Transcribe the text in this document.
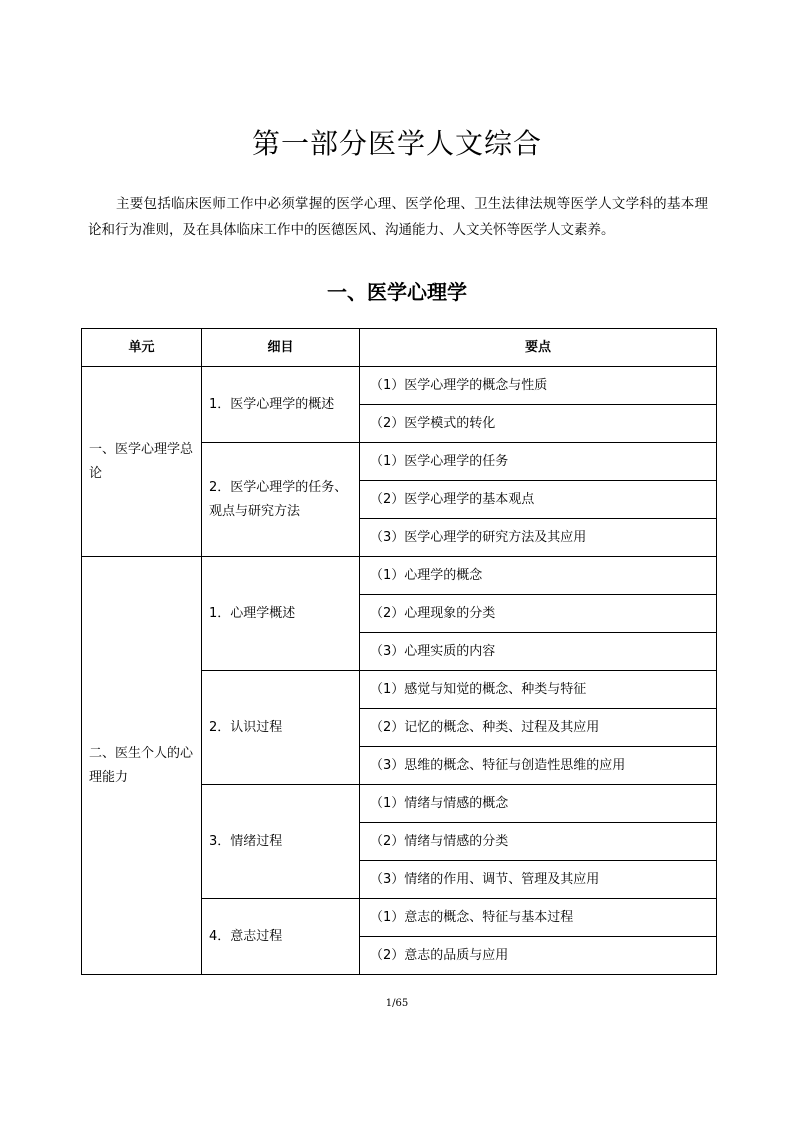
第一部分医学人文综合
主要包括临床医师工作中必须掌握的医学心理、医学伦理、卫生法律法规等医学人文学科的基本理论和行为准则，及在具体临床工作中的医德医风、沟通能力、人文关怀等医学人文素养。
一、医学心理学
单元	细目	要点
一、医学心理学总论	1．医学心理学的概述	（1）医学心理学的概念与性质
		（2）医学模式的转化
	2．医学心理学的任务、观点与研究方法	（1）医学心理学的任务
		（2）医学心理学的基本观点
		（3）医学心理学的研究方法及其应用
二、医生个人的心理能力	1．心理学概述	（1）心理学的概念
		（2）心理现象的分类
		（3）心理实质的内容
	2．认识过程	（1）感觉与知觉的概念、种类与特征
		（2）记忆的概念、种类、过程及其应用
		（3）思维的概念、特征与创造性思维的应用
	3．情绪过程	（1）情绪与情感的概念
		（2）情绪与情感的分类
		（3）情绪的作用、调节、管理及其应用
	4．意志过程	（1）意志的概念、特征与基本过程
		（2）意志的品质与应用
1/65
